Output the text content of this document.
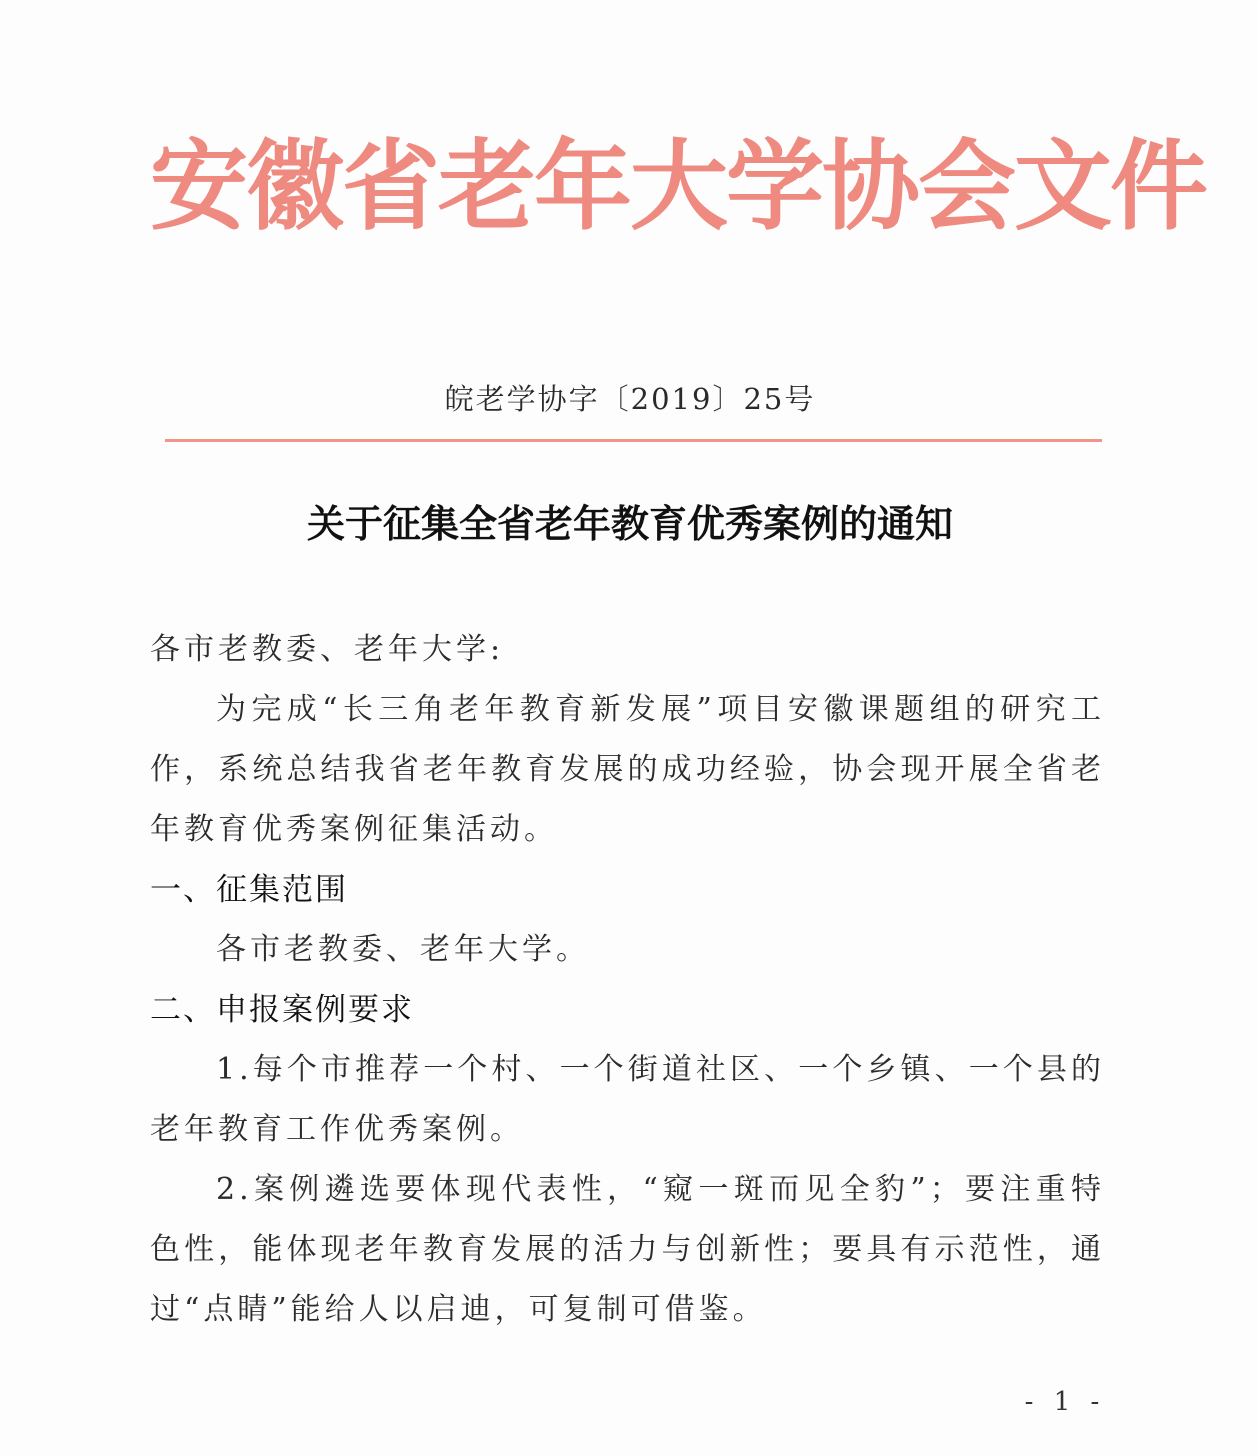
安徽省老年大学协会文件
皖老学协字〔2019〕25号
关于征集全省老年教育优秀案例的通知

各市老教委、老年大学:

为完成“长三角老年教育新发展”项目安徽课题组的研究工作，系统总结我省老年教育发展的成功经验，协会现开展全省老年教育优秀案例征集活动。

一、征集范围

各市老教委、老年大学。

二、申报案例要求

1.每个市推荐一个村、一个街道社区、一个乡镇、一个县的老年教育工作优秀案例。

2.案例遴选要体现代表性，“窥一斑而见全豹”；要注重特色性，能体现老年教育发展的活力与创新性；要具有示范性，通过“点睛”能给人以启迪，可复制可借鉴。

- 1 -
